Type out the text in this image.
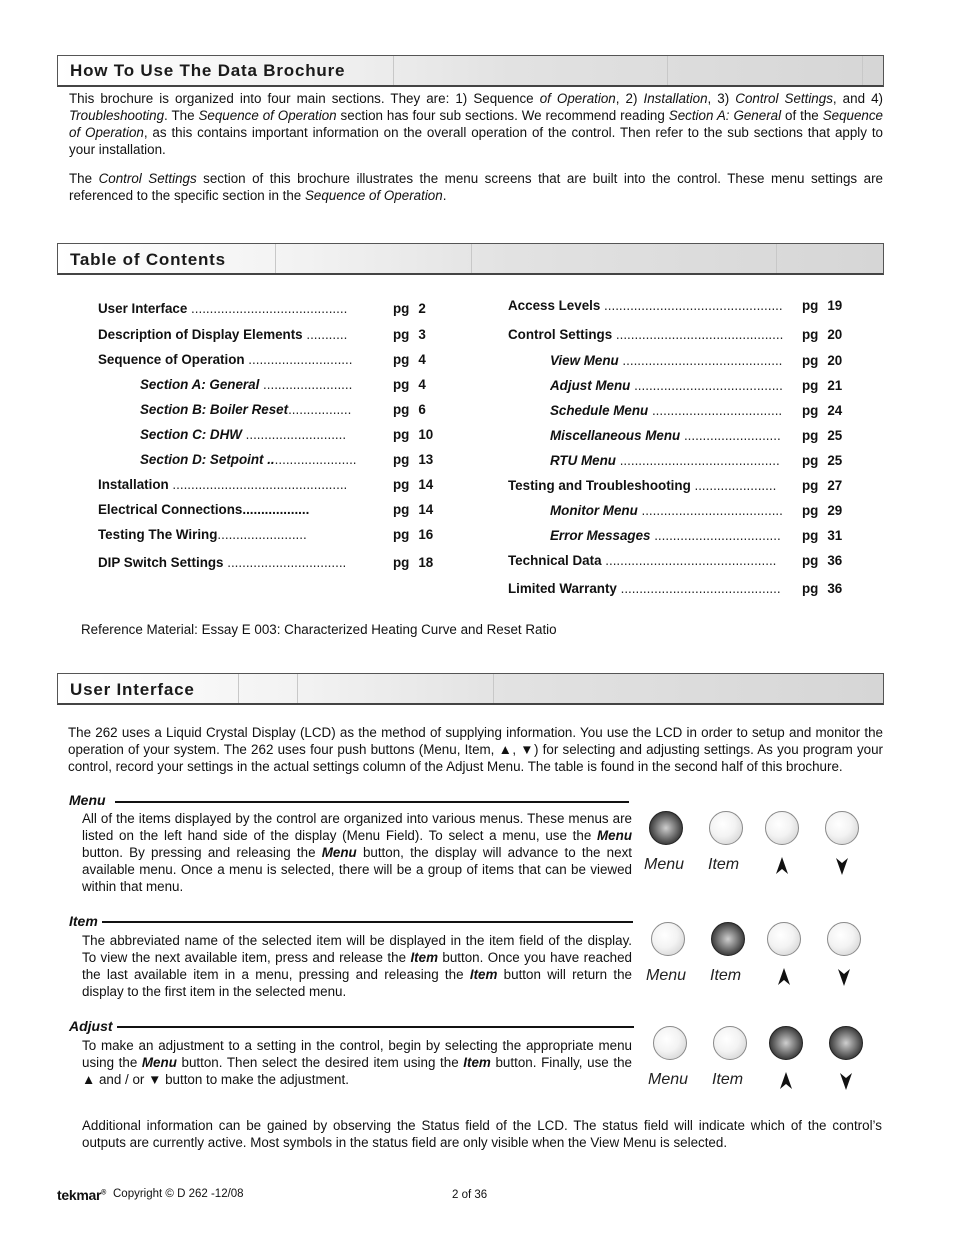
How To Use The Data Brochure
This brochure is organized into four main sections. They are: 1) Sequence of Operation, 2) Installation, 3) Control Settings, and 4) Troubleshooting. The Sequence of Operation section has four sub sections. We recommend reading Section A: General of the Sequence of Operation, as this contains important information on the overall operation of the control. Then refer to the sub sections that apply to your installation.
The Control Settings section of this brochure illustrates the menu screens that are built into the control. These menu settings are referenced to the specific section in the Sequence of Operation.
Table of Contents
User Interface ..........................................	pg 2
Description of Display Elements ...........	pg 3
Sequence of Operation ............................	pg 4
Section A: General ........................	pg 4
Section B: Boiler Reset.................	pg 6
Section C: DHW ...........................	pg 10
Section D: Setpoint ........................	pg 13
Installation ...............................................	pg 14
Electrical Connections..................	pg 14
Testing The Wiring........................	pg 16
DIP Switch Settings ................................	pg 18
Access Levels ................................................	pg 19
Control Settings .............................................	pg 20
View Menu ...........................................	pg 20
Adjust Menu ........................................	pg 21
Schedule Menu ...................................	pg 24
Miscellaneous Menu ..........................	pg 25
RTU Menu ...........................................	pg 25
Testing and Troubleshooting ......................	pg 27
Monitor Menu ......................................	pg 29
Error Messages ..................................	pg 31
Technical Data ..............................................	pg 36
Limited Warranty ...........................................	pg 36
Reference Material: Essay E 003: Characterized Heating Curve and Reset Ratio
User Interface
The 262 uses a Liquid Crystal Display (LCD) as the method of supplying information. You use the LCD in order to setup and monitor the operation of your system. The 262 uses four push buttons (Menu, Item, ▲, ▼) for selecting and adjusting settings. As you program your control, record your settings in the actual settings column of the Adjust Menu. The table is found in the second half of this brochure.
Menu
All of the items displayed by the control are organized into various menus. These menus are listed on the left hand side of the display (Menu Field). To select a menu, use the Menu button. By pressing and releasing the Menu button, the display will advance to the next available menu. Once a menu is selected, there will be a group of items that can be viewed within that menu.
Item
The abbreviated name of the selected item will be displayed in the item field of the display. To view the next available item, press and release the Item button. Once you have reached the last available item in a menu, pressing and releasing the Item button will return the display to the first item in the selected menu.
Adjust
To make an adjustment to a setting in the control, begin by selecting the appropriate menu using the Menu button. Then select the desired item using the Item button. Finally, use the ▲ and / or ▼ button to make the adjustment.
Additional information can be gained by observing the Status field of the LCD. The status field will indicate which of the control’s outputs are currently active. Most symbols in the status field are only visible when the View Menu is selected.
Menu Item
Menu Item
Menu Item
tekmar® Copyright © D 262 -12/08	2 of 36
